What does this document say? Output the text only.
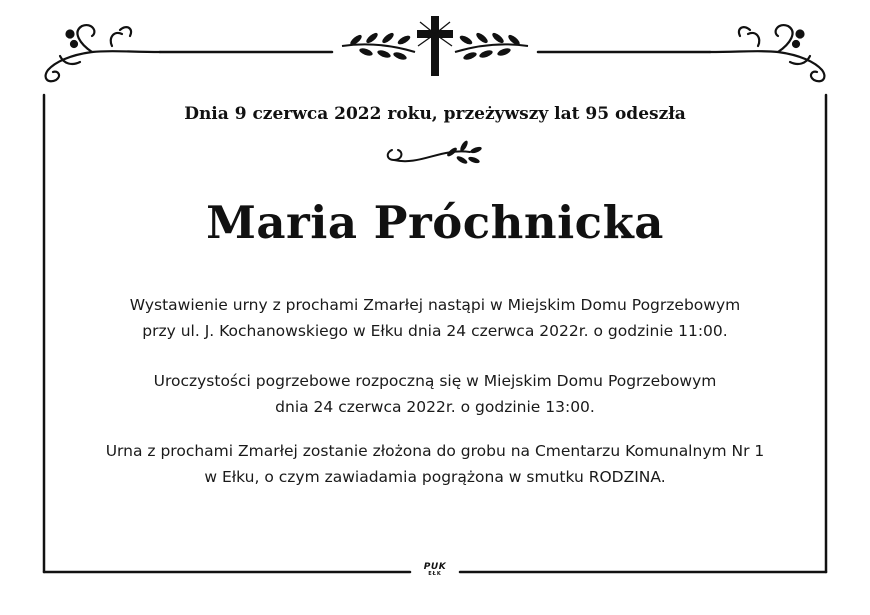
Dnia 9 czerwca 2022 roku, przeżywszy lat 95 odeszła
Maria Próchnicka
Wystawienie urny z prochami Zmarłej nastąpi w Miejskim Domu Pogrzebowym
przy ul. J. Kochanowskiego w Ełku dnia 24 czerwca 2022r. o godzinie 11:00.
Uroczystości pogrzebowe rozpoczną się w Miejskim Domu Pogrzebowym
dnia 24 czerwca 2022r. o godzinie 13:00.
Urna z prochami Zmarłej zostanie złożona do grobu na Cmentarzu Komunalnym Nr 1
w Ełku, o czym zawiadamia pogrążona w smutku RODZINA.
PUK
EŁK
